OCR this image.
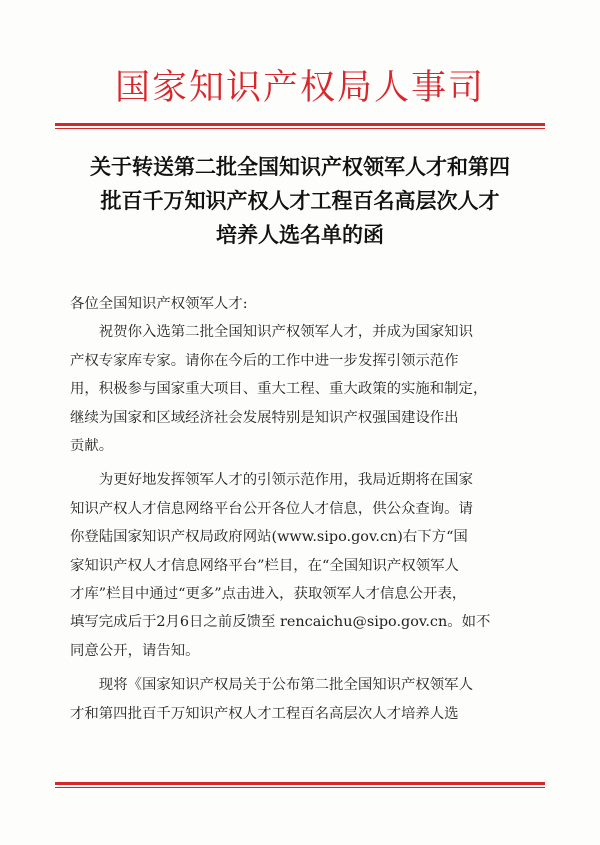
国家知识产权局人事司
关于转送第二批全国知识产权领军人才和第四
批百千万知识产权人才工程百名高层次人才
培养人选名单的函

各位全国知识产权领军人才:

祝贺你入选第二批全国知识产权领军人才，并成为国家知识
产权专家库专家。请你在今后的工作中进一步发挥引领示范作
用，积极参与国家重大项目、重大工程、重大政策的实施和制定，
继续为国家和区域经济社会发展特别是知识产权强国建设作出
贡献。

为更好地发挥领军人才的引领示范作用，我局近期将在国家
知识产权人才信息网络平台公开各位人才信息，供公众查询。请
你登陆国家知识产权局政府网站(www.sipo.gov.cn)右下方“国
家知识产权人才信息网络平台”栏目，在“全国知识产权领军人
才库”栏目中通过“更多”点击进入，获取领军人才信息公开表，
填写完成后于2月6日之前反馈至 rencaichu@sipo.gov.cn。如不
同意公开，请告知。

现将《国家知识产权局关于公布第二批全国知识产权领军人
才和第四批百千万知识产权人才工程百名高层次人才培养人选
